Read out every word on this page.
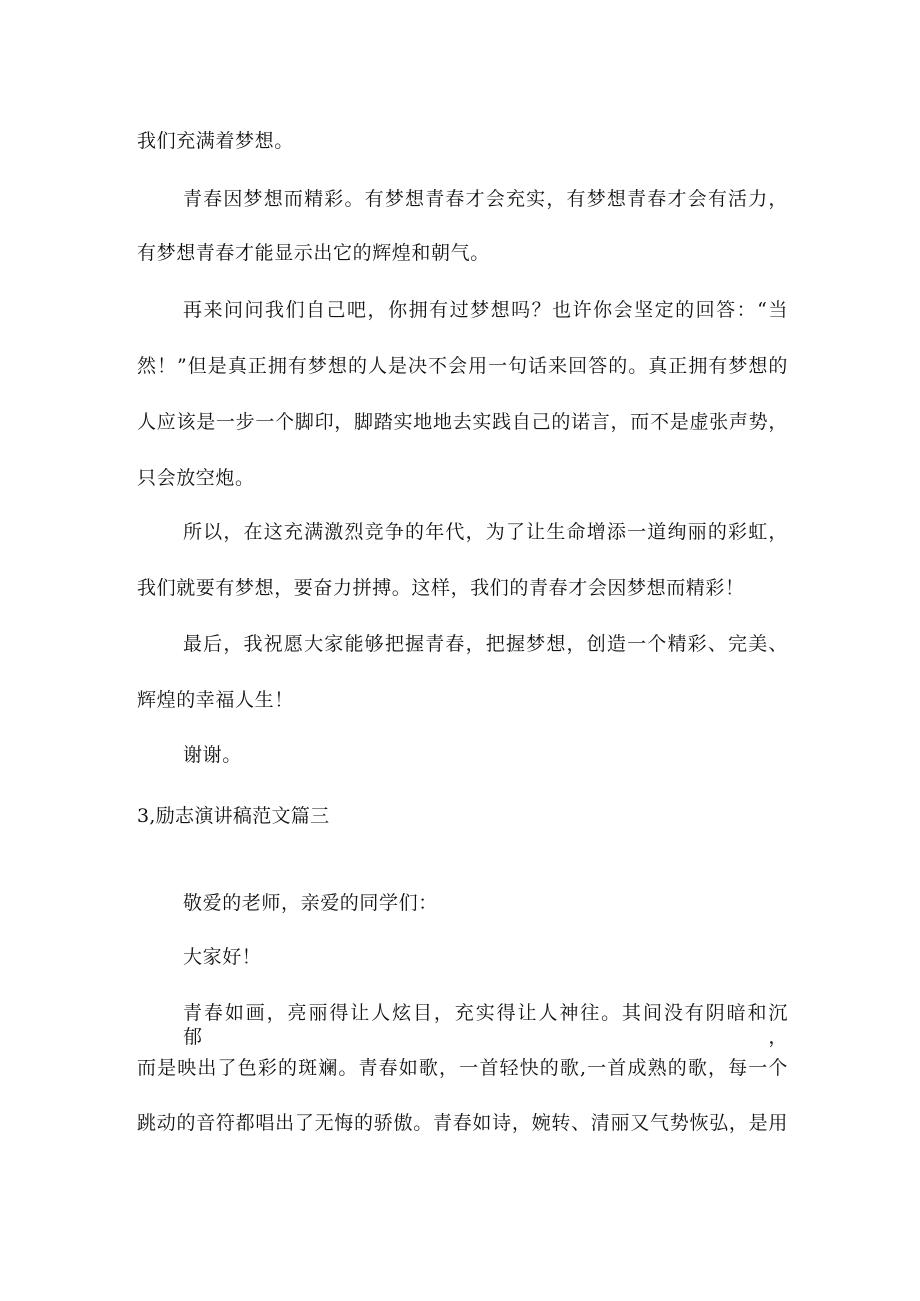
我们充满着梦想。
青春因梦想而精彩。有梦想青春才会充实，有梦想青春才会有活力，
有梦想青春才能显示出它的辉煌和朝气。
再来问问我们自己吧，你拥有过梦想吗？也许你会坚定的回答：“当
然！”但是真正拥有梦想的人是决不会用一句话来回答的。真正拥有梦想的
人应该是一步一个脚印，脚踏实地地去实践自己的诺言，而不是虚张声势，
只会放空炮。
所以，在这充满激烈竞争的年代，为了让生命增添一道绚丽的彩虹，
我们就要有梦想，要奋力拼搏。这样，我们的青春才会因梦想而精彩！
最后，我祝愿大家能够把握青春，把握梦想，创造一个精彩、完美、
辉煌的幸福人生！
谢谢。
3,励志演讲稿范文篇三
敬爱的老师，亲爱的同学们：
大家好！
青春如画，亮丽得让人炫目，充实得让人神往。其间没有阴暗和沉郁，
而是映出了色彩的斑斓。青春如歌，一首轻快的歌,一首成熟的歌，每一个
跳动的音符都唱出了无悔的骄傲。青春如诗，婉转、清丽又气势恢弘，是用
